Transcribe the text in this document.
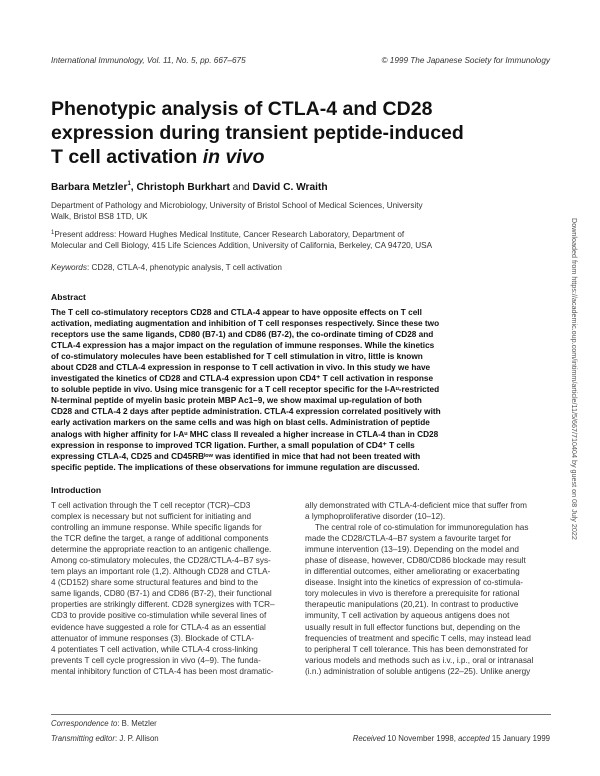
International Immunology, Vol. 11, No. 5, pp. 667–675	© 1999 The Japanese Society for Immunology
Phenotypic analysis of CTLA-4 and CD28
expression during transient peptide-induced
T cell activation in vivo
Barbara Metzler$^1$, Christoph Burkhart and David C. Wraith
Department of Pathology and Microbiology, University of Bristol School of Medical Sciences, University
Walk, Bristol BS8 1TD, UK
$^1$Present address: Howard Hughes Medical Institute, Cancer Research Laboratory, Department of
Molecular and Cell Biology, 415 Life Sciences Addition, University of California, Berkeley, CA 94720, USA
Keywords: CD28, CTLA-4, phenotypic analysis, T cell activation
Abstract
The T cell co-stimulatory receptors CD28 and CTLA-4 appear to have opposite effects on T cell
activation, mediating augmentation and inhibition of T cell responses respectively. Since these two
receptors use the same ligands, CD80 (B7-1) and CD86 (B7-2), the co-ordinate timing of CD28 and
CTLA-4 expression has a major impact on the regulation of immune responses. While the kinetics
of co-stimulatory molecules have been established for T cell stimulation in vitro, little is known
about CD28 and CTLA-4 expression in response to T cell activation in vivo. In this study we have
investigated the kinetics of CD28 and CTLA-4 expression upon CD4⁺ T cell activation in response
to soluble peptide in vivo. Using mice transgenic for a T cell receptor specific for the I-Aᵘ-restricted
N-terminal peptide of myelin basic protein MBP Ac1–9, we show maximal up-regulation of both
CD28 and CTLA-4 2 days after peptide administration. CTLA-4 expression correlated positively with
early activation markers on the same cells and was high on blast cells. Administration of peptide
analogs with higher affinity for I-Aᵘ MHC class II revealed a higher increase in CTLA-4 than in CD28
expression in response to improved TCR ligation. Further, a small population of CD4⁺ T cells
expressing CTLA-4, CD25 and CD45RBˡᵒʷ was identified in mice that had not been treated with
specific peptide. The implications of these observations for immune regulation are discussed.
Introduction
T cell activation through the T cell receptor (TCR)–CD3
complex is necessary but not sufficient for initiating and
controlling an immune response. While specific ligands for
the TCR define the target, a range of additional components
determine the appropriate reaction to an antigenic challenge.
Among co-stimulatory molecules, the CD28/CTLA-4–B7 sys-
tem plays an important role (1,2). Although CD28 and CTLA-
4 (CD152) share some structural features and bind to the
same ligands, CD80 (B7-1) and CD86 (B7-2), their functional
properties are strikingly different. CD28 synergizes with TCR–
CD3 to provide positive co-stimulation while several lines of
evidence have suggested a role for CTLA-4 as an essential
attenuator of immune responses (3). Blockade of CTLA-
4 potentiates T cell activation, while CTLA-4 cross-linking
prevents T cell cycle progression in vivo (4–9). The funda-
mental inhibitory function of CTLA-4 has been most dramatic-
ally demonstrated with CTLA-4-deficient mice that suffer from
a lymphoproliferative disorder (10–12).
The central role of co-stimulation for immunoregulation has
made the CD28/CTLA-4–B7 system a favourite target for
immune intervention (13–19). Depending on the model and
phase of disease, however, CD80/CD86 blockade may result
in differential outcomes, either ameliorating or exacerbating
disease. Insight into the kinetics of expression of co-stimula-
tory molecules in vivo is therefore a prerequisite for rational
therapeutic manipulations (20,21). In contrast to productive
immunity, T cell activation by aqueous antigens does not
usually result in full effector functions but, depending on the
frequencies of treatment and specific T cells, may instead lead
to peripheral T cell tolerance. This has been demonstrated for
various models and methods such as i.v., i.p., oral or intranasal
(i.n.) administration of soluble antigens (22–25). Unlike anergy
Correspondence to: B. Metzler
Transmitting editor: J. P. Allison	Received 10 November 1998, accepted 15 January 1999
Downloaded from https://academic.oup.com/intimm/article/11/5/667/710404 by guest on 08 July 2022
